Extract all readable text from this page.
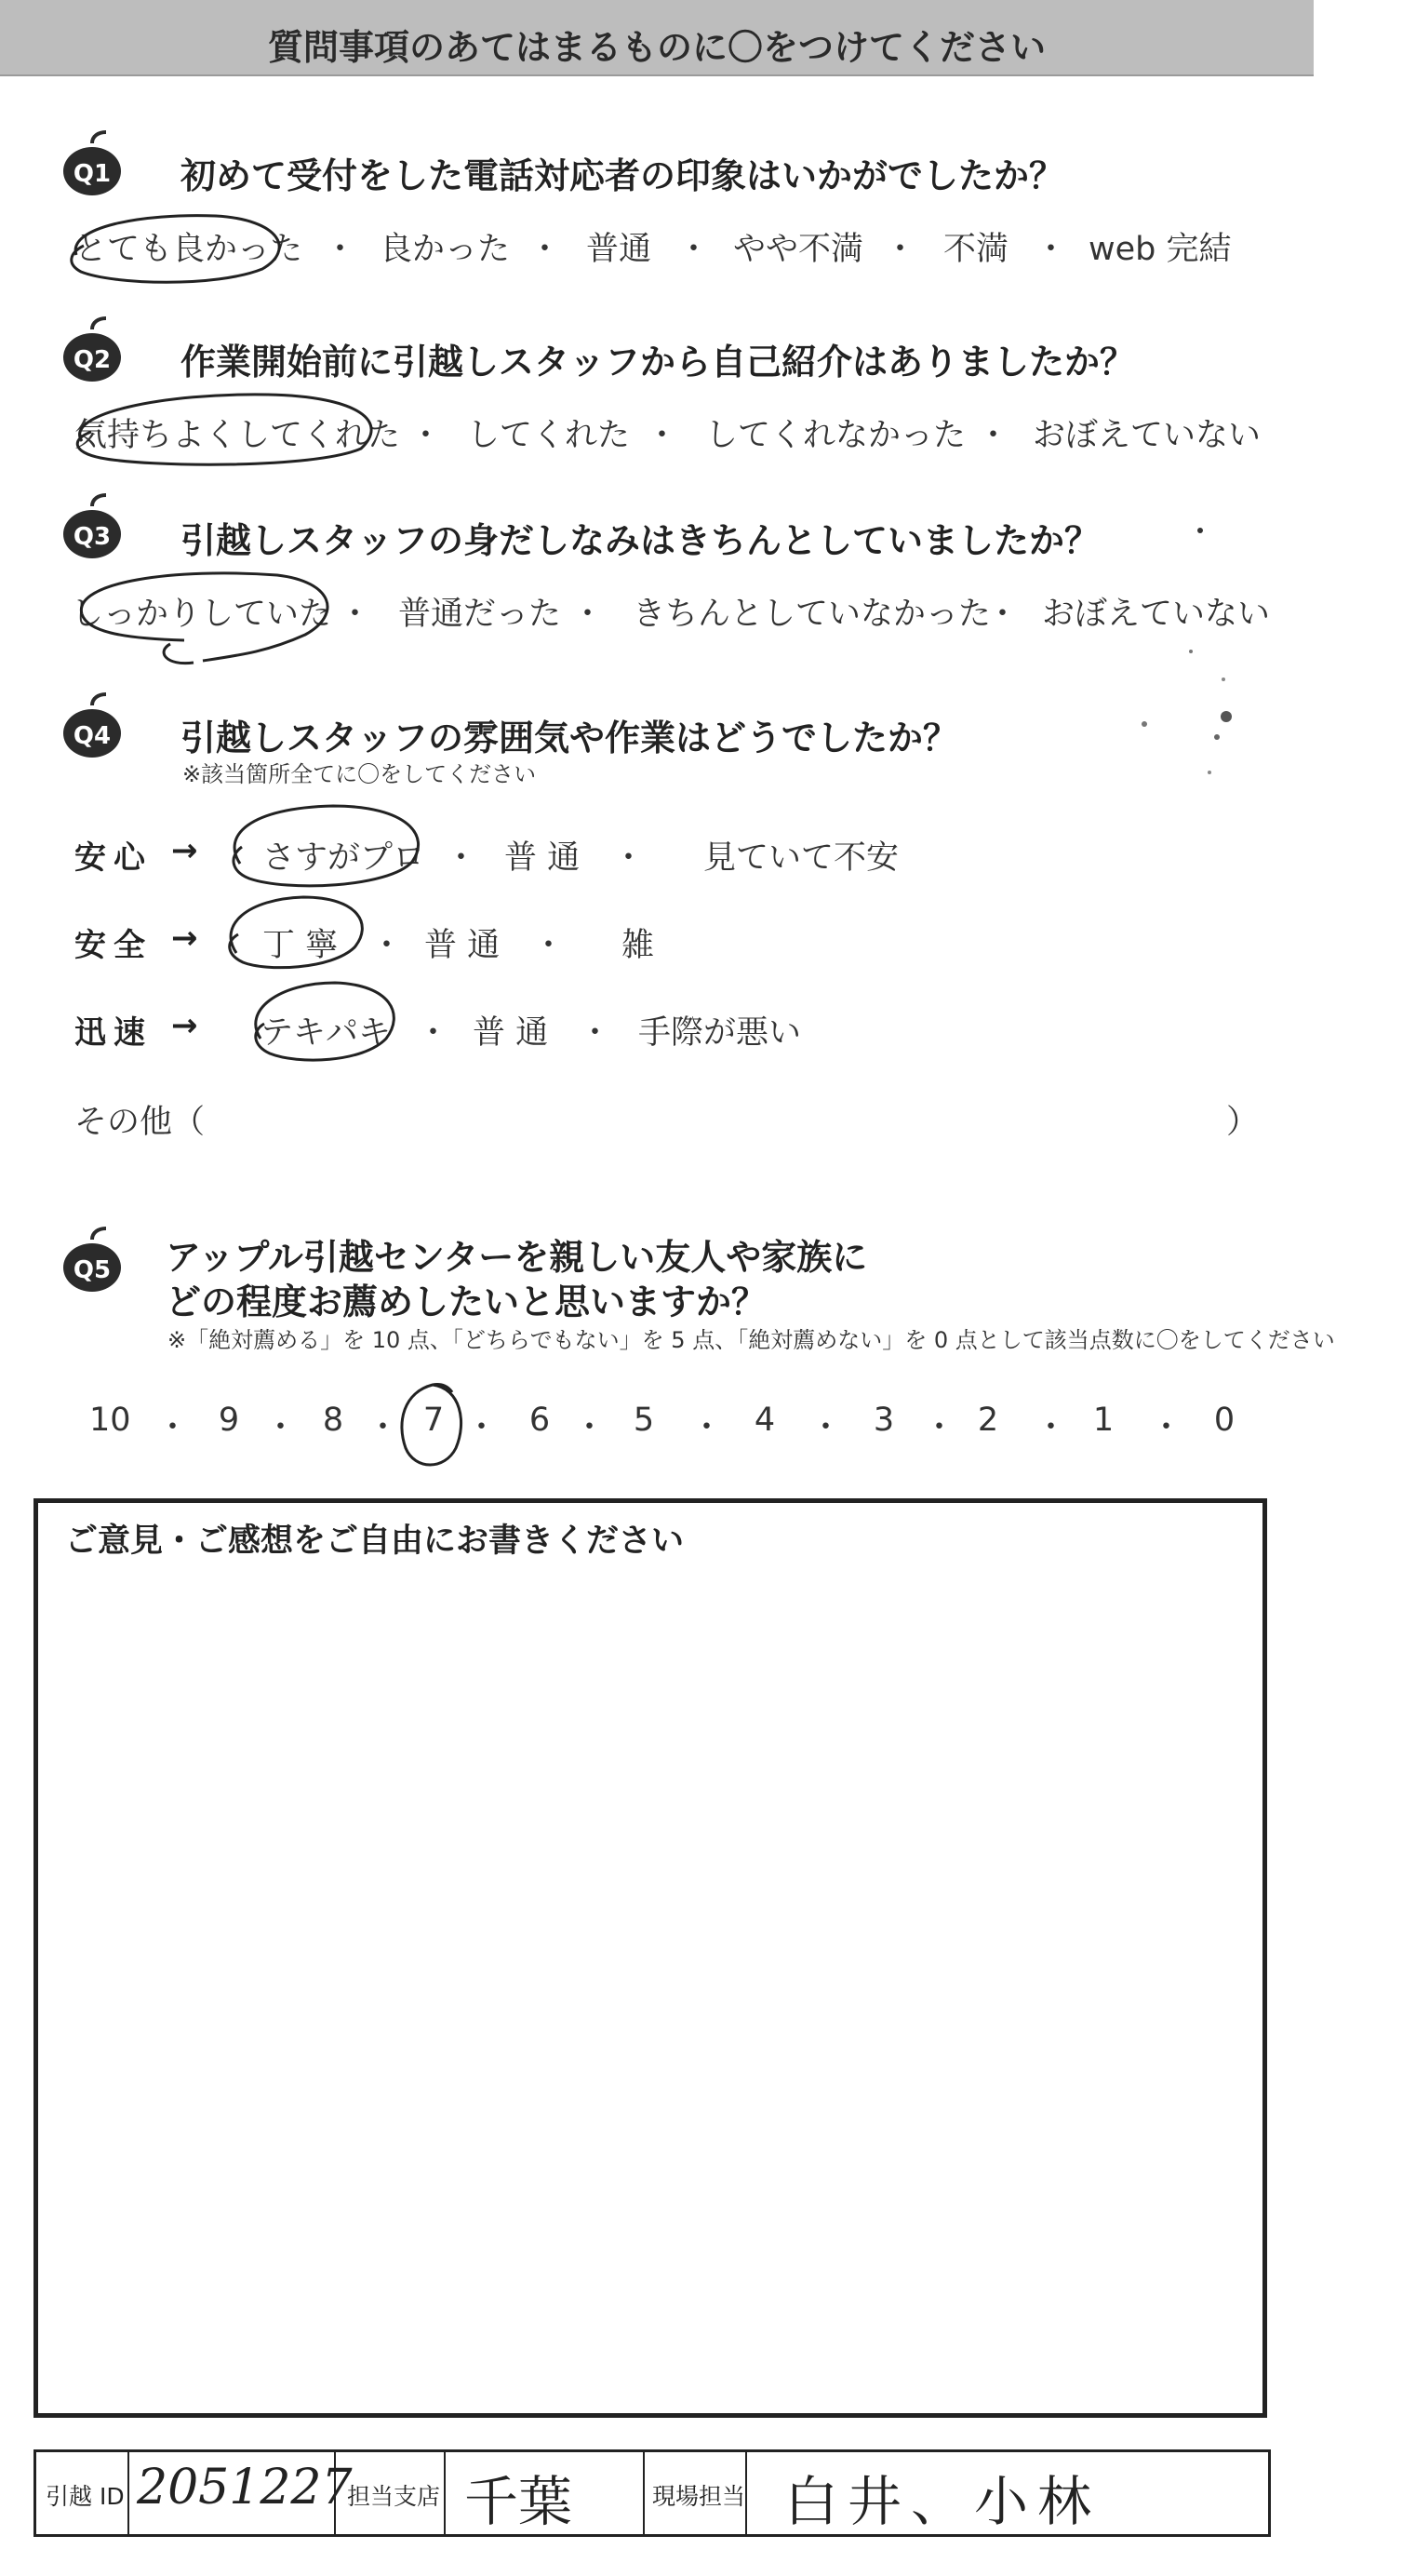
質問事項のあてはまるものに〇をつけてください
Q1 初めて受付をした電話対応者の印象はいかがでしたか？
とても良かった ・ 良かった ・ 普通 ・ やや不満 ・ 不満 ・ web 完結
Q2 作業開始前に引越しスタッフから自己紹介はありましたか？
気持ちよくしてくれた ・ してくれた ・ してくれなかった ・ おぼえていない
Q3 引越しスタッフの身だしなみはきちんとしていましたか？
しっかりしていた ・ 普通だった ・ きちんとしていなかった
・ おぼえていない
Q4 引越しスタッフの雰囲気や作業はどうでしたか？
※該当箇所全てに〇をしてください
安心 → さすがプロ ・ 普 通 ・ 見ていて不安
安全 → 丁 寧 ・ 普 通 ・ 雑
迅速 → テキパキ ・ 普 通 ・ 手際が悪い
その他（	）
Q5 アップル引越センターを親しい友人や家族に
どの程度お薦めしたいと思いますか？
※「絶対薦める」を 10 点、「どちらでもない」を 5 点、「絶対薦めない」を 0 点として該当点数に〇をしてください
10 ・ 9 ・ 8 ・ 7 ・ 6 ・ 5 ・ 4 ・ 3 ・ 2 ・ 1 ・ 0
ご意見・ご感想をご自由にお書きください
引越 ID 2051227
担当支店 千葉	現場担当 白井、小林
